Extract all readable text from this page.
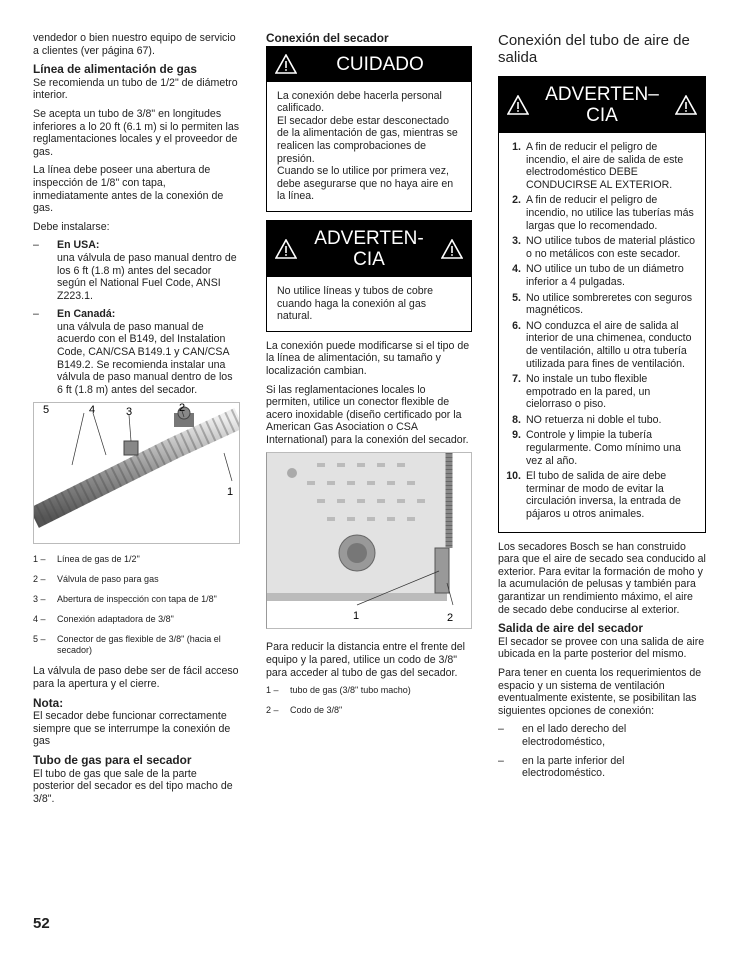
vendedor o bien nuestro equipo de servicio a clientes (ver página 67).

Línea de alimentación de gas

Se recomienda un tubo de 1/2" de diámetro interior.

Se acepta un tubo de 3/8" en longitudes inferiores a lo 20 ft (6.1 m) si lo permiten las reglamentaciones locales y el proveedor de gas.

La línea debe poseer una abertura de inspección de 1/8" con tapa, inmediatamente antes de la conexión de gas.

Debe instalarse:

–	En USA:
una válvula de paso manual dentro de los 6 ft (1.8 m) antes del secador según el National Fuel Code, ANSI Z223.1.
–	En Canadá:
una válvula de paso manual de acuerdo con el B149, del Instalation Code, CAN/CSA B149.1 y CAN/CSA B149.2. Se recomienda instalar una válvula de paso manual dentro de los 6 ft (1.8 m) antes del secador.
5	4	3	2
1
1 –	Línea de gas de 1/2"
2 –	Válvula de paso para gas
3 –	Abertura de inspección con tapa de 1/8"
4 –	Conexión adaptadora de 3/8"
5 –	Conector de gas flexible de 3/8" (hacia el secador)

La válvula de paso debe ser de fácil acceso para la apertura y el cierre.

Nota:

El secador debe funcionar correctamente siempre que se interrumpe la conexión de gas

Tubo de gas para el secador

El tubo de gas que sale de la parte posterior del secador es del tipo macho de 3/8".

Conexión del secador
CUIDADO
La conexión debe hacerla personal calificado.
El secador debe estar desconectado de la alimentación de gas, mientras se realicen las comprobaciones de presión.
Cuando se lo utilice por primera vez, debe asegurarse que no haya aire en la línea.
ADVERTEN-
CIA
No utilice líneas y tubos de cobre cuando haga la conexión al gas natural.

La conexión puede modificarse si el tipo de la línea de alimentación, su tamaño y localización cambian.

Si las reglamentaciones locales lo permiten, utilice un conector flexible de acero inoxidable (diseño certificado por la American Gas Asociation o CSA International) para la conexión del secador.

1	2

Para reducir la distancia entre el frente del equipo y la pared, utilice un codo de 3/8" para acceder al tubo de gas del secador.

1 –	tubo de gas (3/8" tubo macho)
2 –	Codo de 3/8"
Conexión del tubo de aire de salida
ADVERTEN–
CIA
1. A fin de reducir el peligro de incendio, el aire de salida de este electrodoméstico DEBE CONDUCIRSE AL EXTERIOR.
2. A fin de reducir el peligro de incendio, no utilice las tuberías más largas que lo recomendado.
3. NO utilice tubos de material plástico o no metálicos con este secador.
4. NO utilice un tubo de un diámetro inferior a 4 pulgadas.
5. No utilice sombreretes con seguros magnéticos.
6. NO conduzca el aire de salida al interior de una chimenea, conducto de ventilación, altillo u otra tubería utilizada para fines de ventilación.
7. No instale un tubo flexible empotrado en la pared, un cielorraso o piso.
8. NO retuerza ni doble el tubo.
9. Controle y limpie la tubería regularmente. Como mínimo una vez al año.
10. El tubo de salida de aire debe terminar de modo de evitar la circulación inversa, la entrada de pájaros u otros animales.

Los secadores Bosch se han construido para que el aire de secado sea conducido al exterior. Para evitar la formación de moho y la acumulación de pelusas y también para garantizar un rendimiento máximo, el aire de secado debe conducirse al exterior.

Salida de aire del secador

El secador se provee con una salida de aire ubicada en la parte posterior del mismo.

Para tener en cuenta los requerimientos de espacio y un sistema de ventilación eventualmente existente, se posibilitan las siguientes opciones de conexión:

–	en el lado derecho del electrodoméstico,
–	en la parte inferior del electrodoméstico.
52
